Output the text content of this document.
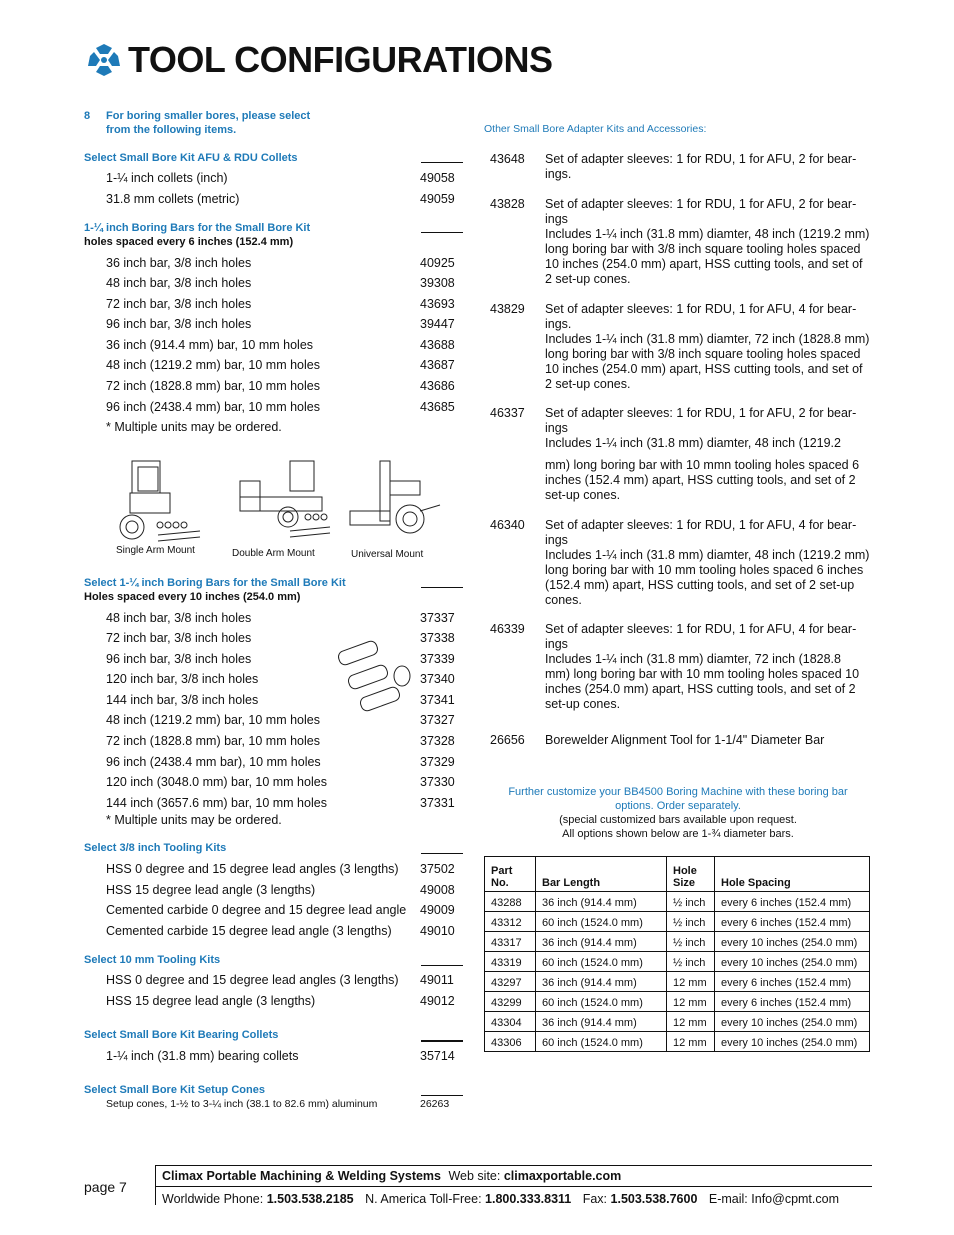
TOOL CONFIGURATIONS
8 For boring smaller bores, please select
from the following items.
Select Small Bore Kit AFU & RDU Collets
1-¼ inch collets (inch)	49058
31.8 mm collets (metric)	49059
1-¼ inch Boring Bars for the Small Bore Kit
holes spaced every 6 inches (152.4 mm)
36 inch bar, 3/8 inch holes	40925
48 inch bar, 3/8 inch holes	39308
72 inch bar, 3/8 inch holes	43693
96 inch bar, 3/8 inch holes	39447
36 inch (914.4 mm) bar, 10 mm holes	43688
48 inch (1219.2 mm) bar, 10 mm holes	43687
72 inch (1828.8 mm) bar, 10 mm holes	43686
96 inch (2438.4 mm) bar, 10 mm holes	43685
* Multiple units may be ordered.
Single Arm Mount	Double Arm Mount	Universal Mount
Select 1-¼ inch Boring Bars for the Small Bore Kit
Holes spaced every 10 inches (254.0 mm)
48 inch bar, 3/8 inch holes	37337
72 inch bar, 3/8 inch holes	37338
96 inch bar, 3/8 inch holes	37339
120 inch bar, 3/8 inch holes	37340
144 inch bar, 3/8 inch holes	37341
48 inch (1219.2 mm) bar, 10 mm holes	37327
72 inch (1828.8 mm) bar, 10 mm holes	37328
96 inch (2438.4 mm bar), 10 mm holes	37329
120 inch (3048.0 mm) bar, 10 mm holes	37330
144 inch (3657.6 mm) bar, 10 mm holes	37331
* Multiple units may be ordered.
Select 3/8 inch Tooling Kits
HSS 0 degree and 15 degree lead angles (3 lengths) 37502
HSS 15 degree lead angle (3 lengths)	49008
Cemented carbide 0 degree and 15 degree lead angle 49009
Cemented carbide 15 degree lead angle (3 lengths) 49010
Select 10 mm Tooling Kits
HSS 0 degree and 15 degree lead angles (3 lengths) 49011
HSS 15 degree lead angle (3 lengths)	49012
Select Small Bore Kit Bearing Collets
1-¼ inch (31.8 mm) bearing collets	35714
Select Small Bore Kit Setup Cones
Setup cones, 1-½ to 3-¼ inch (38.1 to 82.6 mm) aluminum	26263
Other Small Bore Adapter Kits and Accessories:
43648 Set of adapter sleeves: 1 for RDU, 1 for AFU, 2 for bear-
ings.
43828 Set of adapter sleeves: 1 for RDU, 1 for AFU, 2 for bear-
ings
Includes 1-¼ inch (31.8 mm) diamter, 48 inch (1219.2 mm)
long boring bar with 3/8 inch square tooling holes spaced
10 inches (254.0 mm) apart, HSS cutting tools, and set of
2 set-up cones.
43829 Set of adapter sleeves: 1 for RDU, 1 for AFU, 4 for bear-
ings.
Includes 1-¼ inch (31.8 mm) diamter, 72 inch (1828.8 mm)
long boring bar with 3/8 inch square tooling holes spaced
10 inches (254.0 mm) apart, HSS cutting tools, and set of
2 set-up cones.
46337 Set of adapter sleeves: 1 for RDU, 1 for AFU, 2 for bear-
ings
Includes 1-¼ inch (31.8 mm) diamter, 48 inch (1219.2
mm) long boring bar with 10 mmn tooling holes spaced 6
inches (152.4 mm) apart, HSS cutting tools, and set of 2
set-up cones.
46340 Set of adapter sleeves: 1 for RDU, 1 for AFU, 4 for bear-
ings
Includes 1-¼ inch (31.8 mm) diamter, 48 inch (1219.2 mm)
long boring bar with 10 mm tooling holes spaced 6 inches
(152.4 mm) apart, HSS cutting tools, and set of 2 set-up
cones.
46339 Set of adapter sleeves: 1 for RDU, 1 for AFU, 4 for bear-
ings
Includes 1-¼ inch (31.8 mm) diamter, 72 inch (1828.8
mm) long boring bar with 10 mm tooling holes spaced 10
inches (254.0 mm) apart, HSS cutting tools, and set of 2
set-up cones.
26656 Borewelder Alignment Tool for 1-1/4" Diameter Bar
Further customize your BB4500 Boring Machine with these boring bar
options. Order separately.
(special customized bars available upon request.
All options shown below are 1-¾ diameter bars.
Part
No.	Bar Length	Hole
Size	Hole Spacing
43288	36 inch (914.4 mm)	½ inch	every 6 inches (152.4 mm)
43312	60 inch (1524.0 mm)	½ inch	every 6 inches (152.4 mm)
43317	36 inch (914.4 mm)	½ inch	every 10 inches (254.0 mm)
43319	60 inch (1524.0 mm)	½ inch	every 10 inches (254.0 mm)
43297	36 inch (914.4 mm)	12 mm	every 6 inches (152.4 mm)
43299	60 inch (1524.0 mm)	12 mm	every 6 inches (152.4 mm)
43304	36 inch (914.4 mm)	12 mm	every 10 inches (254.0 mm)
43306	60 inch (1524.0 mm)	12 mm	every 10 inches (254.0 mm)
page 7
Climax Portable Machining & Welding Systems Web site: climaxportable.com
Worldwide Phone: 1.503.538.2185 N. America Toll-Free: 1.800.333.8311 Fax: 1.503.538.7600 E-mail: Info@cpmt.com
